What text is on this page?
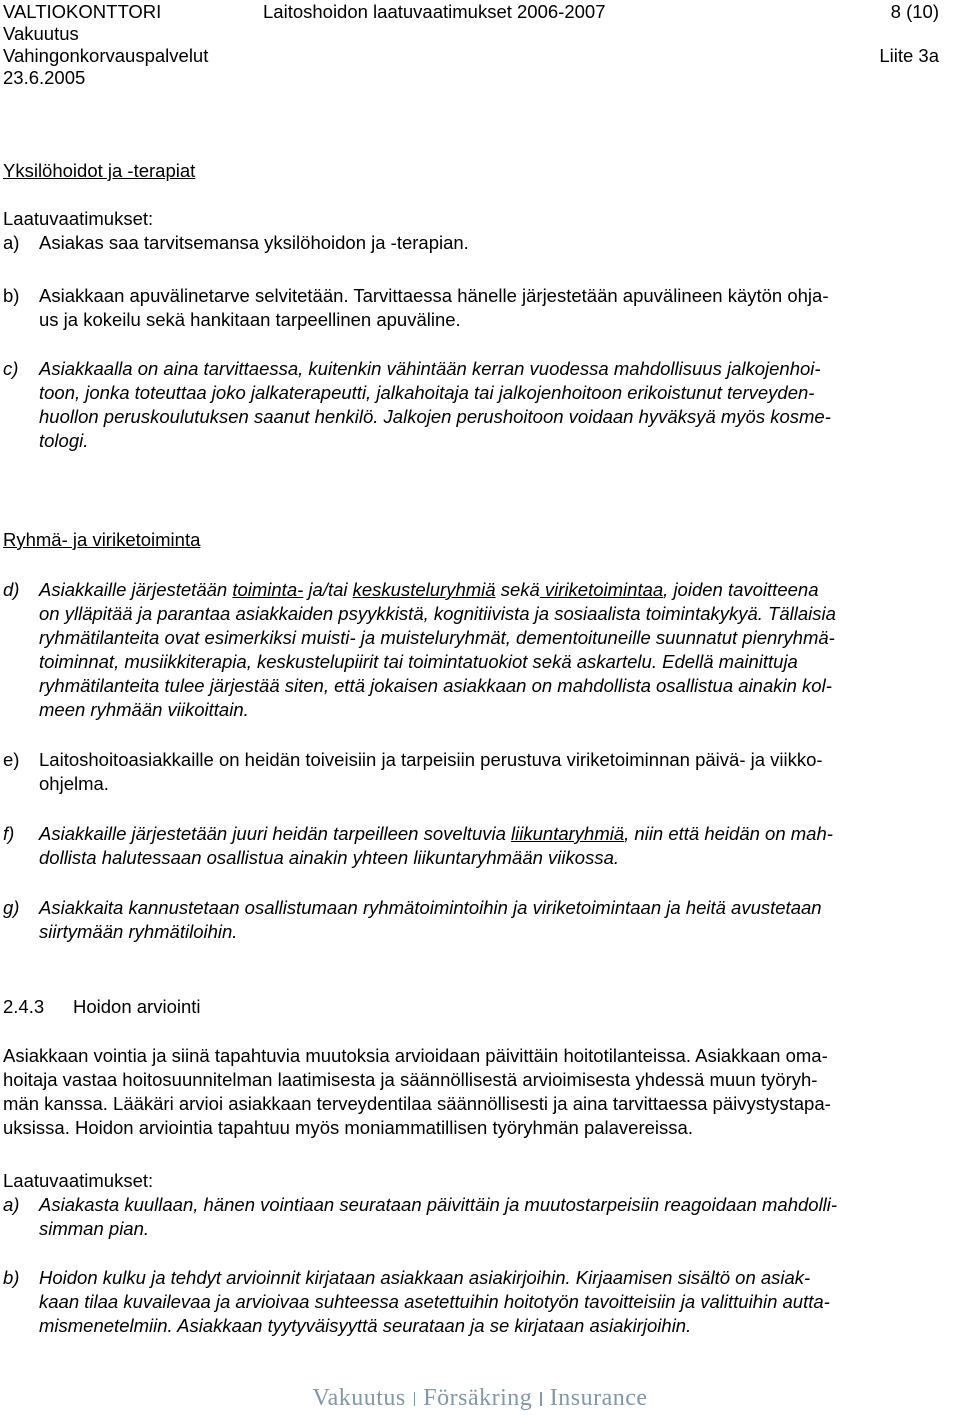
VALTIOKONTTORI
Vakuutus
Vahingonkorvauspalvelut
23.6.2005
Laitoshoidon laatuvaatimukset 2006-2007	8 (10)
Liite 3a
Yksilöhoidot ja -terapiat
Laatuvaatimukset:
a) Asiakas saa tarvitsemansa yksilöhoidon ja -terapian.
b) Asiakkaan apuvälinetarve selvitetään. Tarvittaessa hänelle järjestetään apuvälineen käytön ohja-
us ja kokeilu sekä hankitaan tarpeellinen apuväline.
c) Asiakkaalla on aina tarvittaessa, kuitenkin vähintään kerran vuodessa mahdollisuus jalkojenhoi-
toon, jonka toteuttaa joko jalkaterapeutti, jalkahoitaja tai jalkojenhoitoon erikoistunut terveyden-
huollon peruskoulutuksen saanut henkilö. Jalkojen perushoitoon voidaan hyväksyä myös kosme-
tologi.
Ryhmä- ja viriketoiminta
d) Asiakkaille järjestetään toiminta- ja/tai keskusteluryhmiä sekä viriketoimintaa, joiden tavoitteena
on ylläpitää ja parantaa asiakkaiden psyykkistä, kognitiivista ja sosiaalista toimintakykyä. Tällaisia
ryhmätilanteita ovat esimerkiksi muisti- ja muisteluryhmät, dementoituneille suunnatut pienryhmä-
toiminnat, musiikkiterapia, keskustelupiirit tai toimintatuokiot sekä askartelu. Edellä mainittuja
ryhmätilanteita tulee järjestää siten, että jokaisen asiakkaan on mahdollista osallistua ainakin kol-
meen ryhmään viikoittain.
e) Laitoshoitoasiakkaille on heidän toiveisiin ja tarpeisiin perustuva viriketoiminnan päivä- ja viikko-
ohjelma.
f) Asiakkaille järjestetään juuri heidän tarpeilleen soveltuvia liikuntaryhmiä, niin että heidän on mah-
dollista halutessaan osallistua ainakin yhteen liikuntaryhmään viikossa.
g) Asiakkaita kannustetaan osallistumaan ryhmätoimintoihin ja viriketoimintaan ja heitä avustetaan
siirtymään ryhmätiloihin.
2.4.3 Hoidon arviointi
Asiakkaan vointia ja siinä tapahtuvia muutoksia arvioidaan päivittäin hoitotilanteissa. Asiakkaan oma-
hoitaja vastaa hoitosuunnitelman laatimisesta ja säännöllisestä arvioimisesta yhdessä muun työryh-
män kanssa. Lääkäri arvioi asiakkaan terveydentilaa säännöllisesti ja aina tarvittaessa päivystystapa-
uksissa. Hoidon arviointia tapahtuu myös moniammatillisen työryhmän palavereissa.
Laatuvaatimukset:
a) Asiakasta kuullaan, hänen vointiaan seurataan päivittäin ja muutostarpeisiin reagoidaan mahdolli-
simman pian.
b) Hoidon kulku ja tehdyt arvioinnit kirjataan asiakkaan asiakirjoihin. Kirjaamisen sisältö on asiak-
kaan tilaa kuvailevaa ja arvioivaa suhteessa asetettuihin hoitotyön tavoitteisiin ja valittuihin autta-
mismenetelmiin. Asiakkaan tyytyväisyyttä seurataan ja se kirjataan asiakirjoihin.
Vakuutus Försäkring Insurance
